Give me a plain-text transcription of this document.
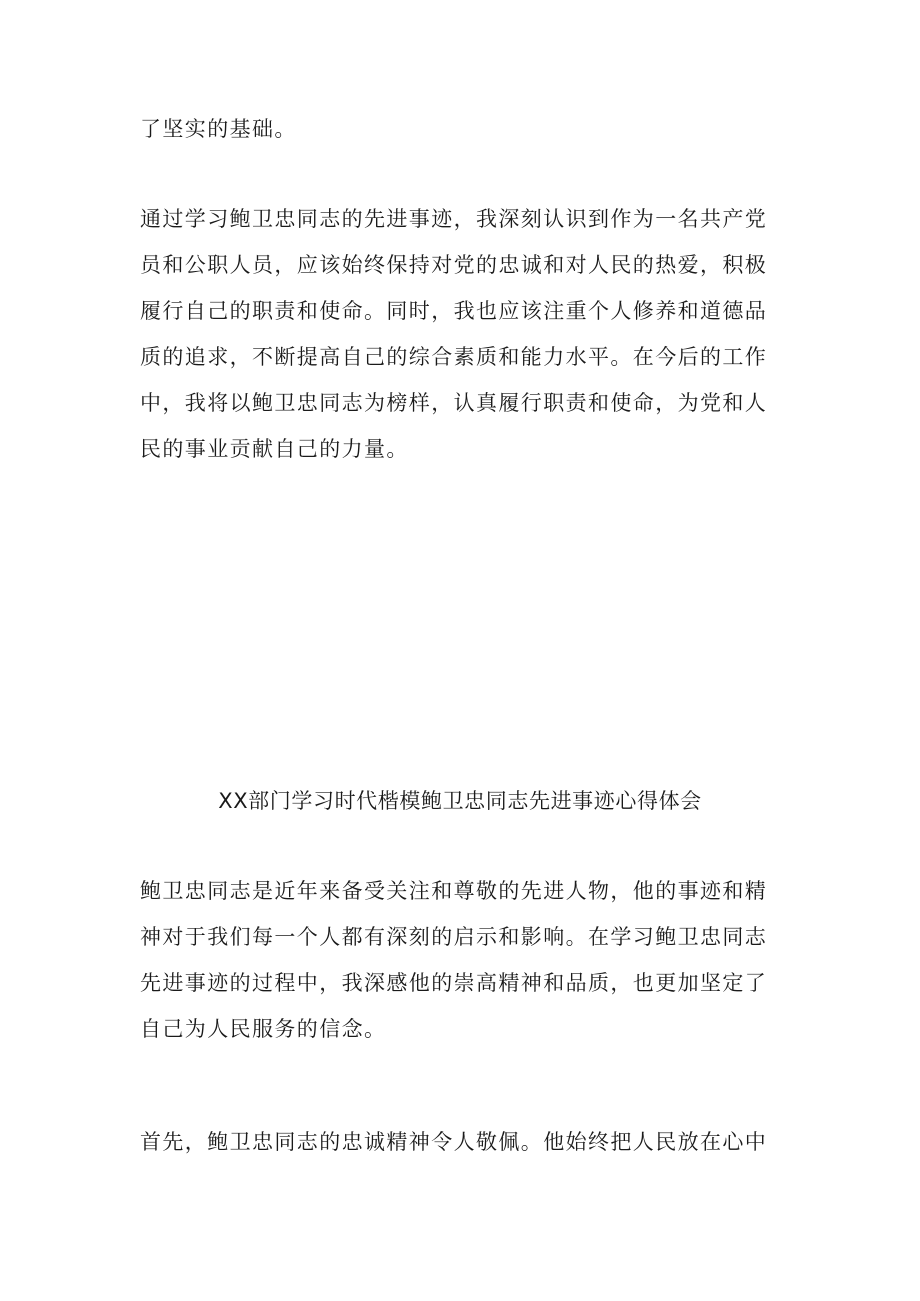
了坚实的基础。

通过学习鲍卫忠同志的先进事迹，我深刻认识到作为一名共产党
员和公职人员，应该始终保持对党的忠诚和对人民的热爱，积极
履行自己的职责和使命。同时，我也应该注重个人修养和道德品
质的追求，不断提高自己的综合素质和能力水平。在今后的工作
中，我将以鲍卫忠同志为榜样，认真履行职责和使命，为党和人
民的事业贡献自己的力量。

XX部门学习时代楷模鲍卫忠同志先进事迹心得体会

鲍卫忠同志是近年来备受关注和尊敬的先进人物，他的事迹和精
神对于我们每一个人都有深刻的启示和影响。在学习鲍卫忠同志
先进事迹的过程中，我深感他的崇高精神和品质，也更加坚定了
自己为人民服务的信念。

首先，鲍卫忠同志的忠诚精神令人敬佩。他始终把人民放在心中
